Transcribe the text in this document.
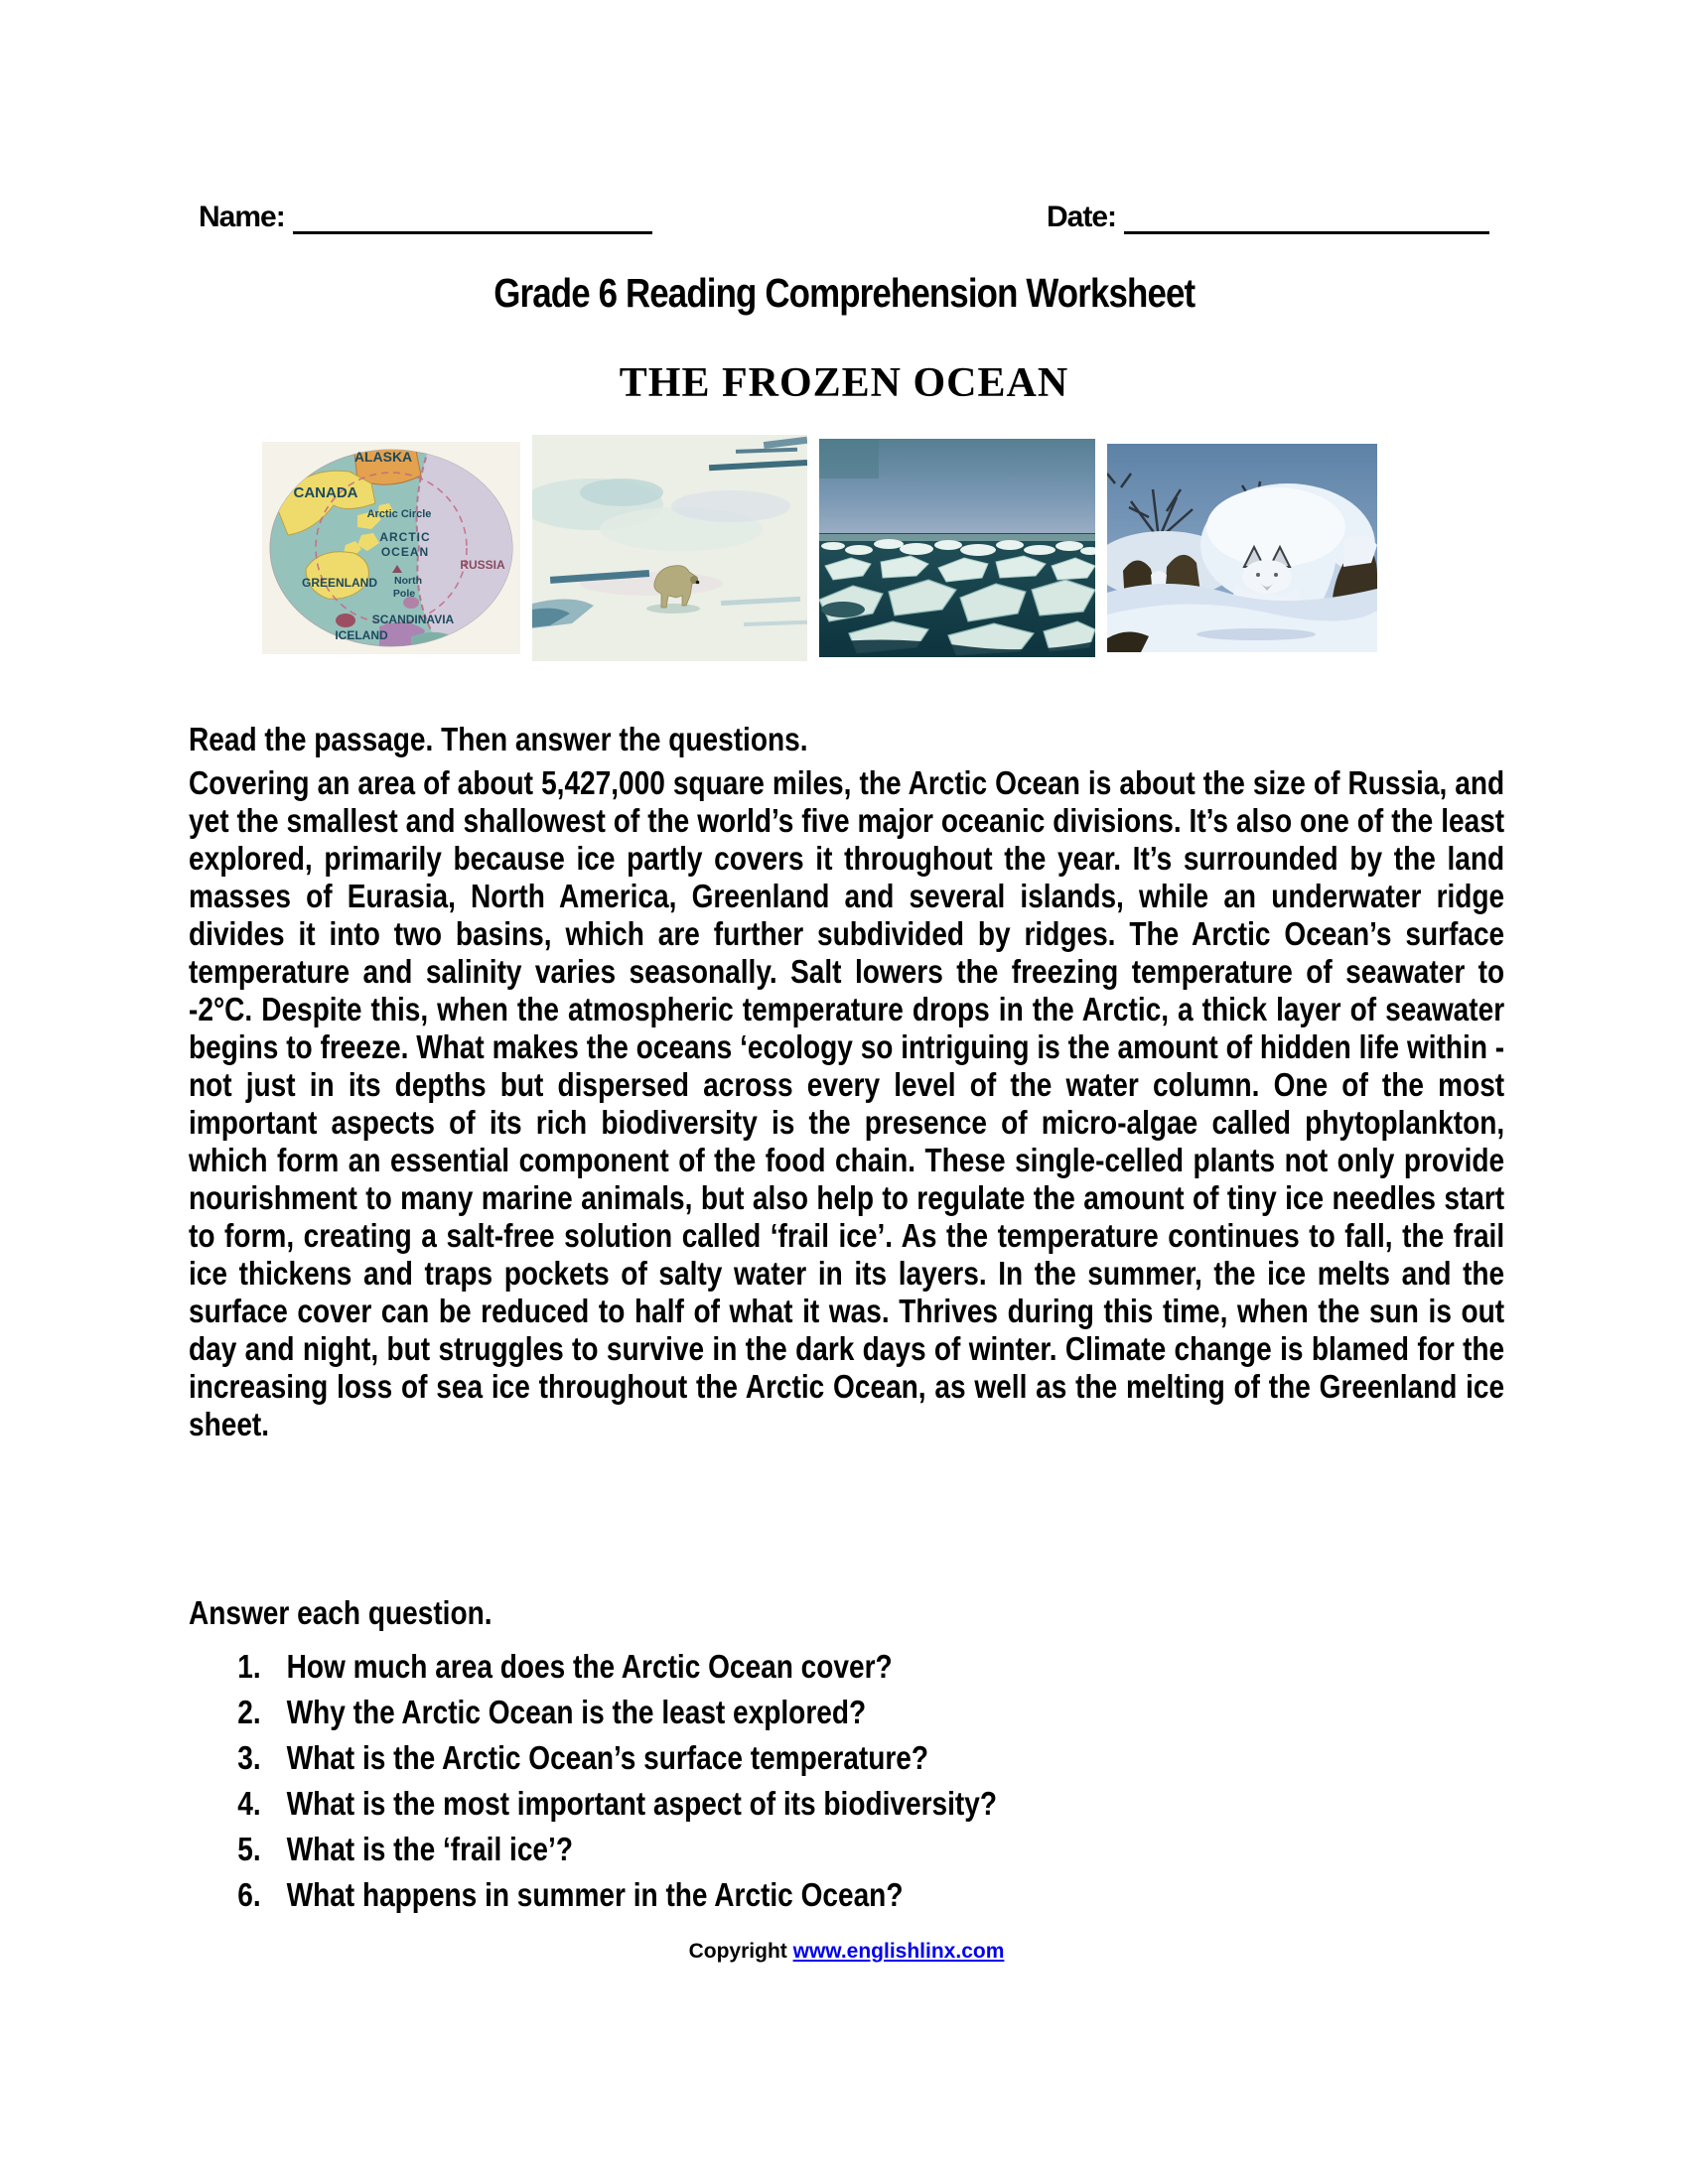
Name:	Date:
Grade 6 Reading Comprehension Worksheet
THE FROZEN OCEAN
ALASKA
CANADA
Arctic Circle
ARCTIC
OCEAN
RUSSIA
North
Pole
GREENLAND
SCANDINAVIA
ICELAND
Read the passage. Then answer the questions.

Covering an area of about 5,427,000 square miles, the Arctic Ocean is about the size of Russia, and yet the smallest and shallowest of the world’s five major oceanic divisions. It’s also one of the least explored, primarily because ice partly covers it throughout the year. It’s surrounded by the land masses of Eurasia, North America, Greenland and several islands, while an underwater ridge divides it into two basins, which are further subdivided by ridges. The Arctic Ocean’s surface temperature and salinity varies seasonally. Salt lowers the freezing temperature of seawater to -2°C. Despite this, when the atmospheric temperature drops in the Arctic, a thick layer of seawater begins to freeze. What makes the oceans ‘ecology so intriguing is the amount of hidden life within - not just in its depths but dispersed across every level of the water column. One of the most important aspects of its rich biodiversity is the presence of micro-algae called phytoplankton, which form an essential component of the food chain. These single-celled plants not only provide nourishment to many marine animals, but also help to regulate the amount of tiny ice needles start to form, creating a salt-free solution called ‘frail ice’. As the temperature continues to fall, the frail ice thickens and traps pockets of salty water in its layers. In the summer, the ice melts and the surface cover can be reduced to half of what it was. Thrives during this time, when the sun is out day and night, but struggles to survive in the dark days of winter. Climate change is blamed for the increasing loss of sea ice throughout the Arctic Ocean, as well as the melting of the Greenland ice sheet.

Answer each question.
1. How much area does the Arctic Ocean cover?
2. Why the Arctic Ocean is the least explored?
3. What is the Arctic Ocean’s surface temperature?
4. What is the most important aspect of its biodiversity?
5. What is the ‘frail ice’?
6. What happens in summer in the Arctic Ocean?
Copyright www.englishlinx.com
